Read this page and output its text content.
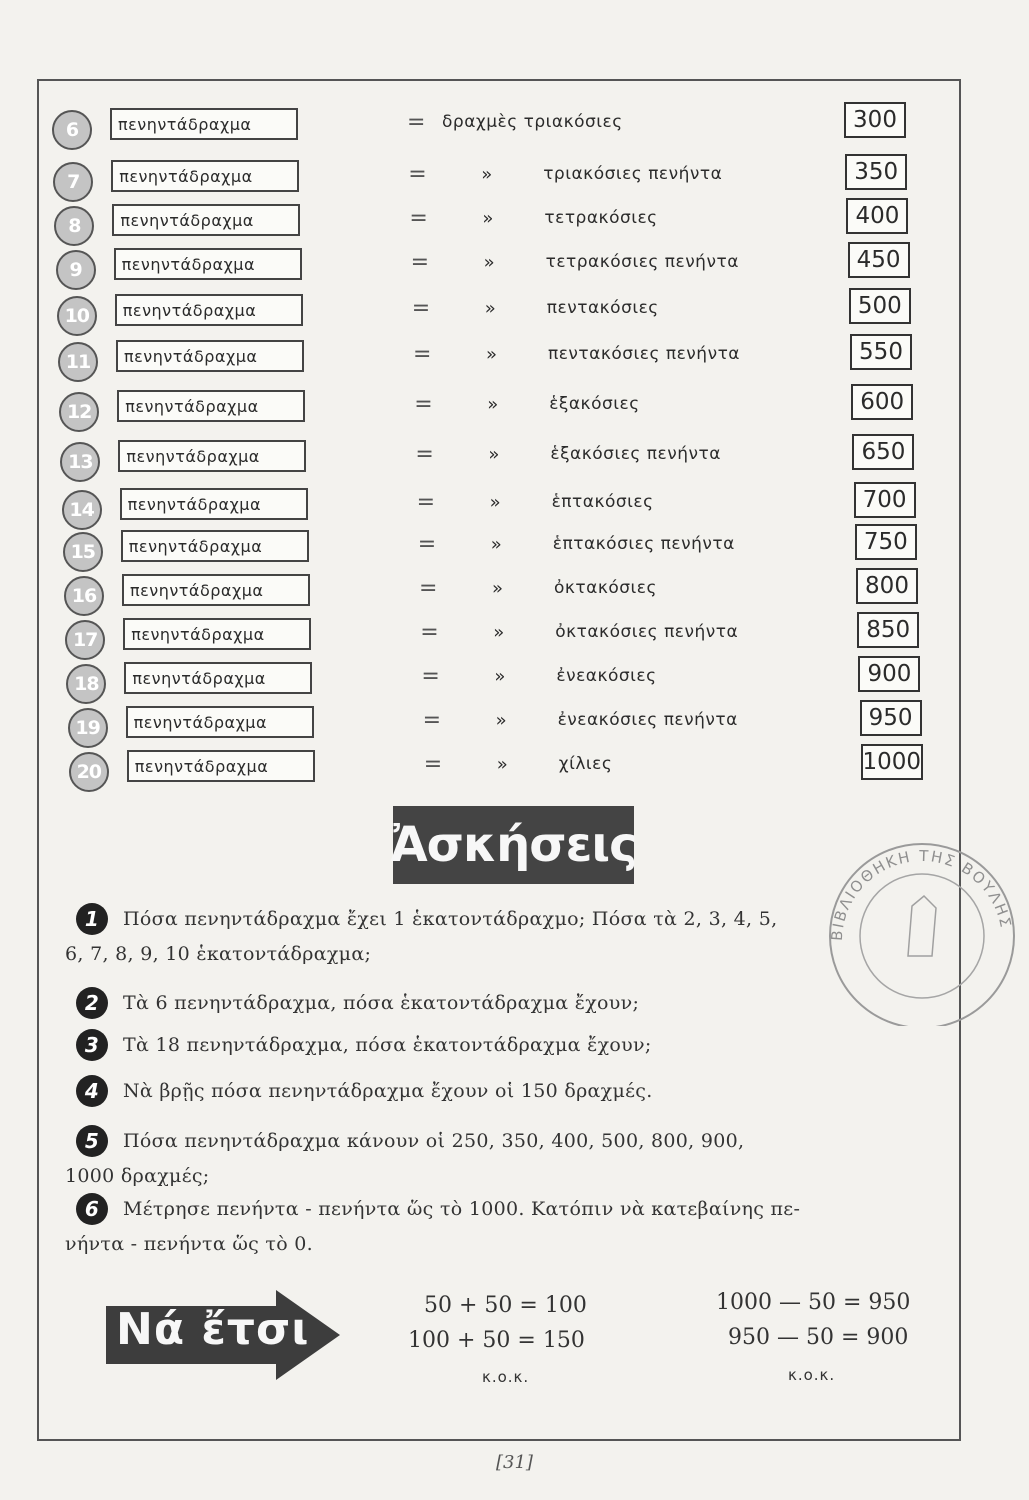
6	πενηντάδραχμα	= δραχμὲς τριακόσιες	300
7	πενηντάδραχμα	=	»	τριακόσιες πενήντα	350
8	πενηντάδραχμα	=	»	τετρακόσιες	400
9	πενηντάδραχμα	=	»	τετρακόσιες πενήντα	450
10	πενηντάδραχμα	=	»	πεντακόσιες	500
11	πενηντάδραχμα	=	»	πεντακόσιες πενήντα	550
12	πενηντάδραχμα	=	»	ἑξακόσιες	600
13	πενηντάδραχμα	=	»	ἑξακόσιες πενήντα	650
14	πενηντάδραχμα	=	»	ἑπτακόσιες	700
15	πενηντάδραχμα	=	»	ἑπτακόσιες πενήντα	750
16	πενηντάδραχμα	=	»	ὀκτακόσιες	800
17	πενηντάδραχμα	=	»	ὀκτακόσιες πενήντα	850
18	πενηντάδραχμα	=	»	ἐνεακόσιες	900
19	πενηντάδραχμα	=	»	ἐνεακόσιες πενήντα	950
20	πενηντάδραχμα	=	»	χίλιες	1000
Ἀσκήσεις
1	Πόσα πενηντάδραχμα ἔχει 1 ἑκατοντάδραχμο; Πόσα τὰ 2, 3, 4, 5,
6, 7, 8, 9, 10 ἑκατοντάδραχμα;
2	Τὰ 6 πενηντάδραχμα, πόσα ἑκατοντάδραχμα ἔχουν;
3	Τὰ 18 πενηντάδραχμα, πόσα ἑκατοντάδραχμα ἔχουν;
4	Νὰ βρῇς πόσα πενηντάδραχμα ἔχουν οἱ 150 δραχμές.
5	Πόσα πενηντάδραχμα κάνουν οἱ 250, 350, 400, 500, 800, 900,
1000 δραχμές;
6	Μέτρησε πενήντα - πενήντα ὥς τὸ 1000. Κατόπιν νὰ κατεβαίνης πε-
νήντα - πενήντα ὥς τὸ 0.
Νά ἔτσι	50 + 50 = 100
100 + 50 = 150
κ.ο.κ.
1000 — 50 = 950
950 — 50 = 900
κ.ο.κ.
ΒΙΒΛΙΟΘΗΚΗ ΤΗΣ ΒΟΥΛΗΣ
[31]
